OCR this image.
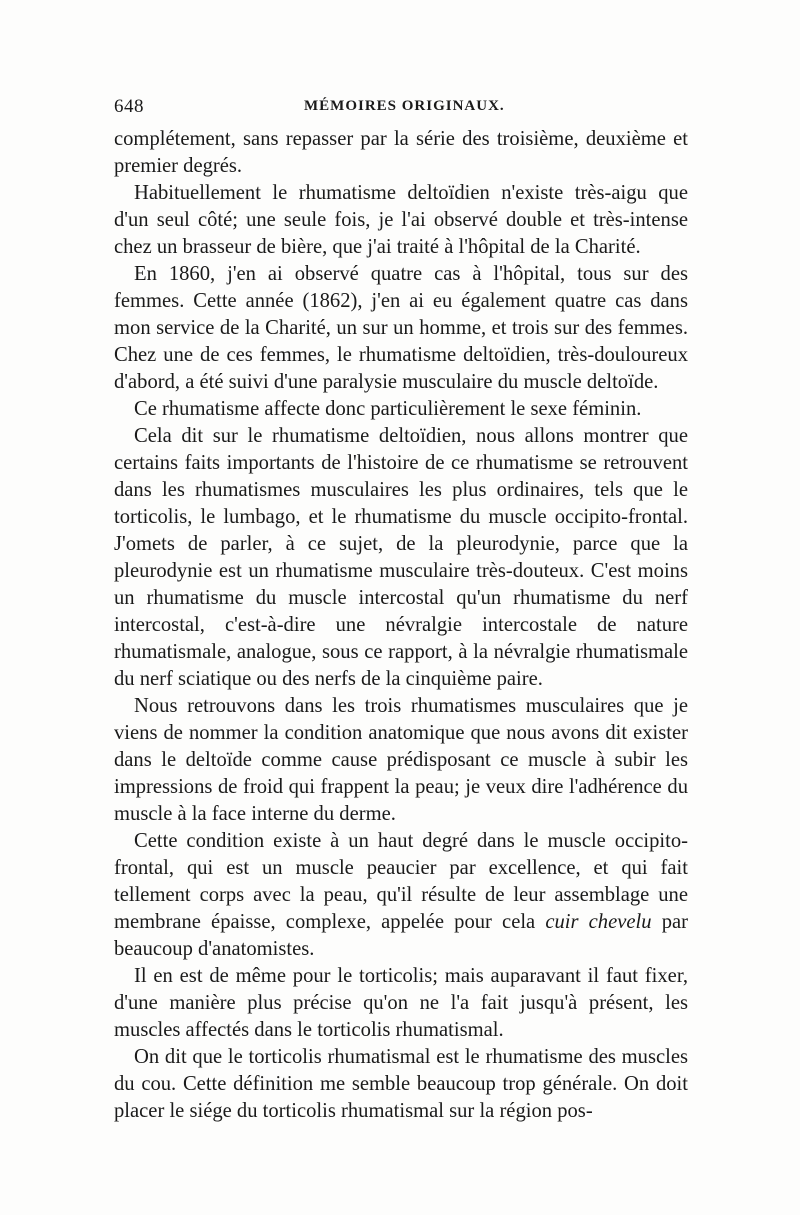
648	MÉMOIRES ORIGINAUX.

complétement, sans repasser par la série des troisième, deuxième et premier degrés.

Habituellement le rhumatisme deltoïdien n'existe très-aigu que d'un seul côté; une seule fois, je l'ai observé double et très-intense chez un brasseur de bière, que j'ai traité à l'hôpital de la Charité.

En 1860, j'en ai observé quatre cas à l'hôpital, tous sur des femmes. Cette année (1862), j'en ai eu également quatre cas dans mon service de la Charité, un sur un homme, et trois sur des femmes. Chez une de ces femmes, le rhumatisme deltoïdien, très-douloureux d'abord, a été suivi d'une paralysie musculaire du muscle deltoïde.

Ce rhumatisme affecte donc particulièrement le sexe féminin.

Cela dit sur le rhumatisme deltoïdien, nous allons montrer que certains faits importants de l'histoire de ce rhumatisme se retrouvent dans les rhumatismes musculaires les plus ordinaires, tels que le torticolis, le lumbago, et le rhumatisme du muscle occipito-frontal. J'omets de parler, à ce sujet, de la pleurodynie, parce que la pleurodynie est un rhumatisme musculaire très-douteux. C'est moins un rhumatisme du muscle intercostal qu'un rhumatisme du nerf intercostal, c'est-à-dire une névralgie intercostale de nature rhumatismale, analogue, sous ce rapport, à la névralgie rhumatismale du nerf sciatique ou des nerfs de la cinquième paire.

Nous retrouvons dans les trois rhumatismes musculaires que je viens de nommer la condition anatomique que nous avons dit exister dans le deltoïde comme cause prédisposant ce muscle à subir les impressions de froid qui frappent la peau; je veux dire l'adhérence du muscle à la face interne du derme.

Cette condition existe à un haut degré dans le muscle occipito-frontal, qui est un muscle peaucier par excellence, et qui fait tellement corps avec la peau, qu'il résulte de leur assemblage une membrane épaisse, complexe, appelée pour cela cuir chevelu par beaucoup d'anatomistes.

Il en est de même pour le torticolis; mais auparavant il faut fixer, d'une manière plus précise qu'on ne l'a fait jusqu'à présent, les muscles affectés dans le torticolis rhumatismal.

On dit que le torticolis rhumatismal est le rhumatisme des muscles du cou. Cette définition me semble beaucoup trop générale. On doit placer le siége du torticolis rhumatismal sur la région pos-
